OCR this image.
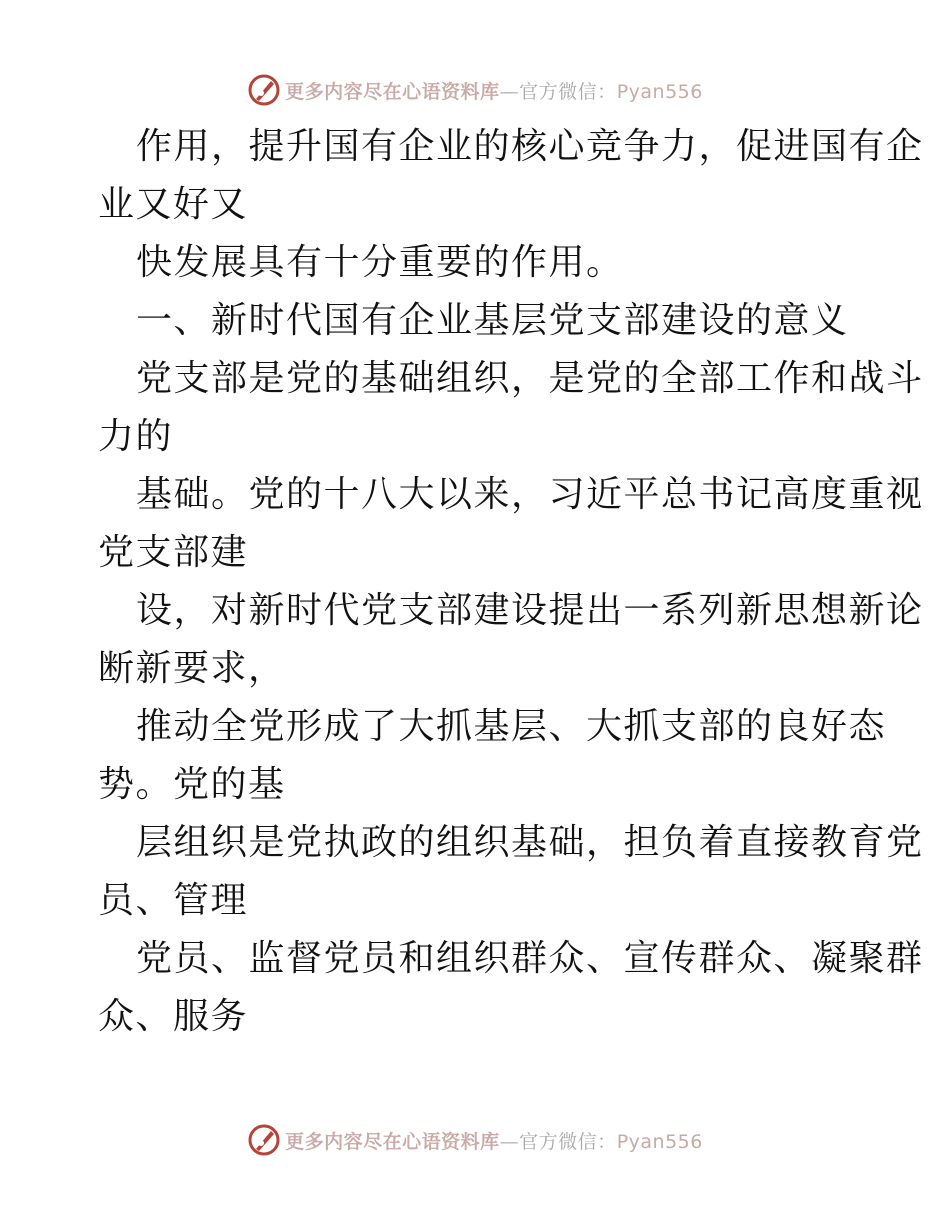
更多内容尽在心语资料库—官方微信：Pyan556
作用，提升国有企业的核心竞争力，促进国有企
业又好又
快发展具有十分重要的作用。
一、新时代国有企业基层党支部建设的意义
党支部是党的基础组织，是党的全部工作和战斗
力的
基础。党的十八大以来，习近平总书记高度重视
党支部建
设，对新时代党支部建设提出一系列新思想新论
断新要求，
推动全党形成了大抓基层、大抓支部的良好态
势。党的基
层组织是党执政的组织基础，担负着直接教育党
员、管理
党员、监督党员和组织群众、宣传群众、凝聚群
众、服务
更多内容尽在心语资料库—官方微信：Pyan556
